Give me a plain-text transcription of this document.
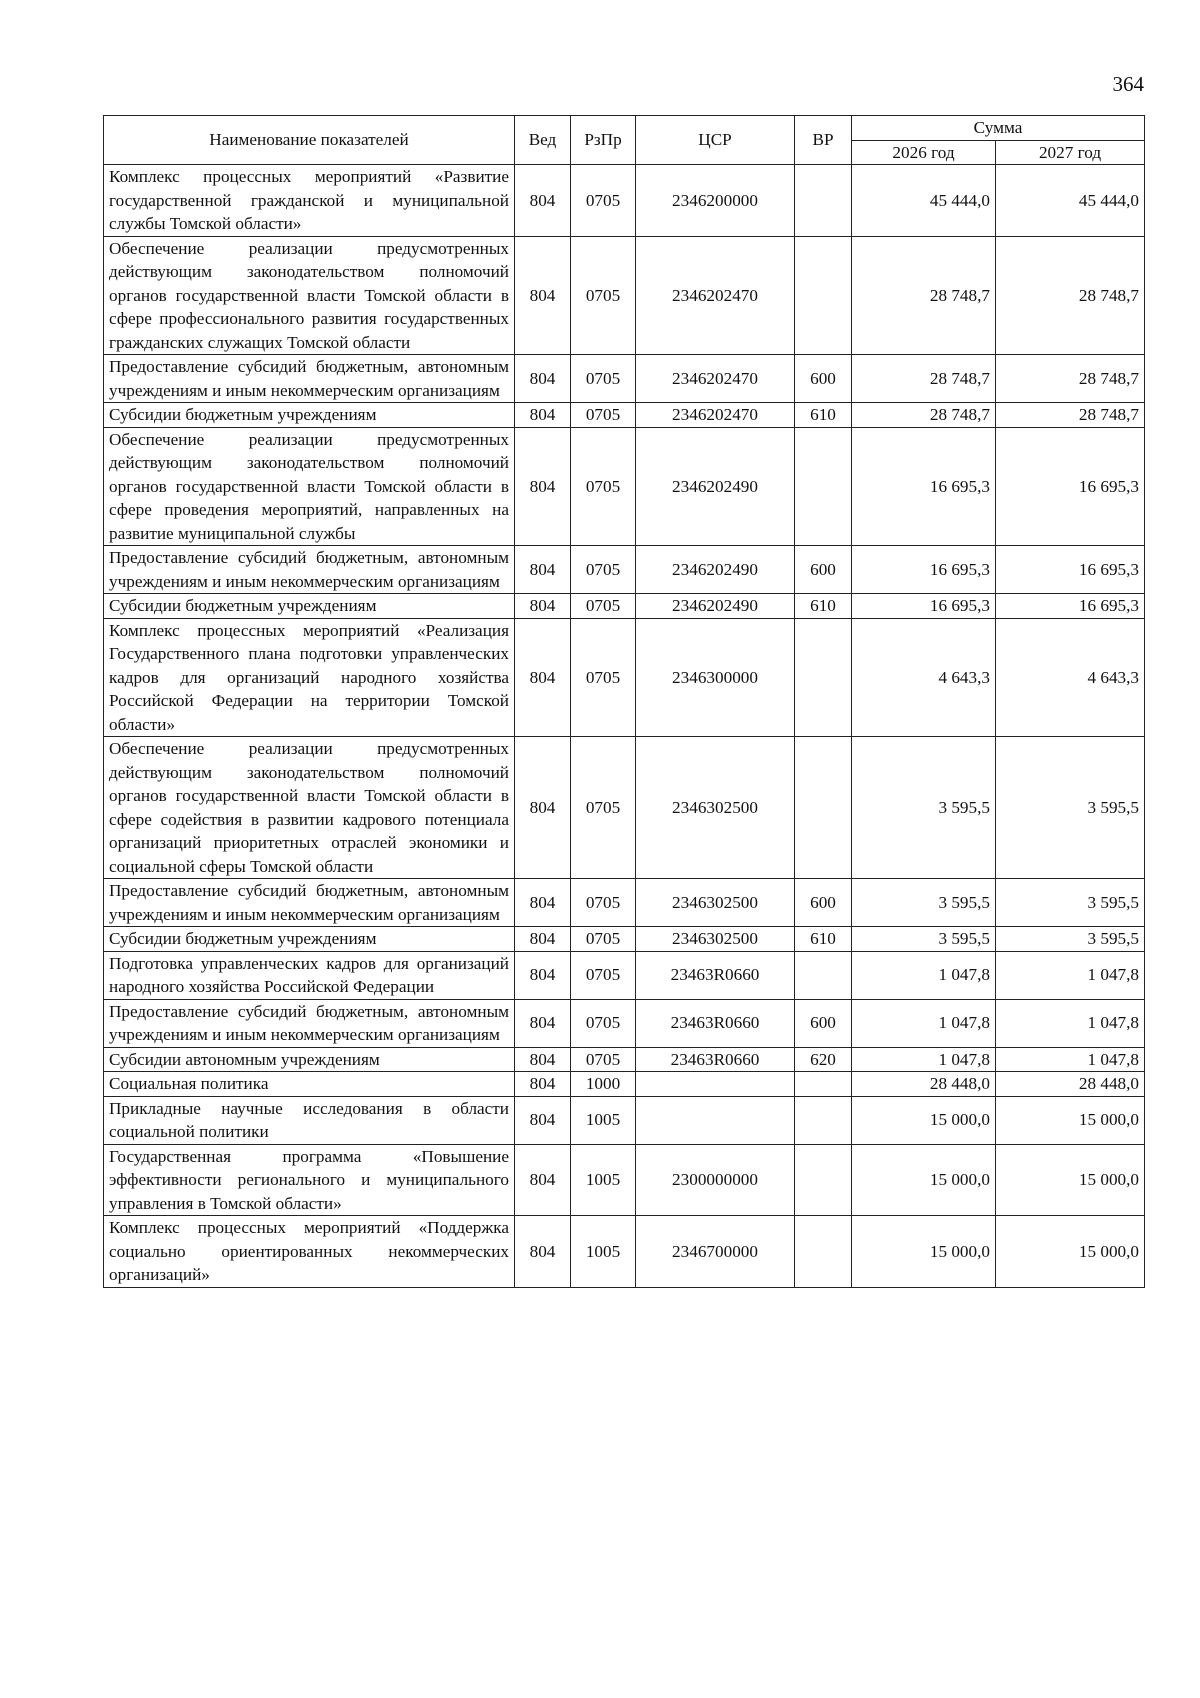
364
Наименование показателей	Вед	РзПр	ЦСР	ВР	Сумма	
					2026 год	2027 год
Комплекс процессных мероприятий «Развитие государственной гражданской и муниципальной службы Томской области»	804	0705	2346200000		45 444,0	45 444,0
Обеспечение реализации предусмотренных действующим законодательством полномочий органов государственной власти Томской области в сфере профессионального развития государственных гражданских служащих Томской области	804	0705	2346202470		28 748,7	28 748,7
Предоставление субсидий бюджетным, автономным учреждениям и иным некоммерческим организациям	804	0705	2346202470	600	28 748,7	28 748,7
Субсидии бюджетным учреждениям	804	0705	2346202470	610	28 748,7	28 748,7
Обеспечение реализации предусмотренных действующим законодательством полномочий органов государственной власти Томской области в сфере проведения мероприятий, направленных на развитие муниципальной службы	804	0705	2346202490		16 695,3	16 695,3
Предоставление субсидий бюджетным, автономным учреждениям и иным некоммерческим организациям	804	0705	2346202490	600	16 695,3	16 695,3
Субсидии бюджетным учреждениям	804	0705	2346202490	610	16 695,3	16 695,3
Комплекс процессных мероприятий «Реализация Государственного плана подготовки управленческих кадров для организаций народного хозяйства Российской Федерации на территории Томской области»	804	0705	2346300000		4 643,3	4 643,3
Обеспечение реализации предусмотренных действующим законодательством полномочий органов государственной власти Томской области в сфере содействия в развитии кадрового потенциала организаций приоритетных отраслей экономики и социальной сферы Томской области	804	0705	2346302500		3 595,5	3 595,5
Предоставление субсидий бюджетным, автономным учреждениям и иным некоммерческим организациям	804	0705	2346302500	600	3 595,5	3 595,5
Субсидии бюджетным учреждениям	804	0705	2346302500	610	3 595,5	3 595,5
Подготовка управленческих кадров для организаций народного хозяйства Российской Федерации	804	0705	23463R0660		1 047,8	1 047,8
Предоставление субсидий бюджетным, автономным учреждениям и иным некоммерческим организациям	804	0705	23463R0660	600	1 047,8	1 047,8
Субсидии автономным учреждениям	804	0705	23463R0660	620	1 047,8	1 047,8
Социальная политика	804	1000			28 448,0	28 448,0
Прикладные научные исследования в области социальной политики	804	1005			15 000,0	15 000,0
Государственная программа «Повышение эффективности регионального и муниципального управления в Томской области»	804	1005	2300000000		15 000,0	15 000,0
Комплекс процессных мероприятий «Поддержка социально ориентированных некоммерческих организаций»	804	1005	2346700000		15 000,0	15 000,0
